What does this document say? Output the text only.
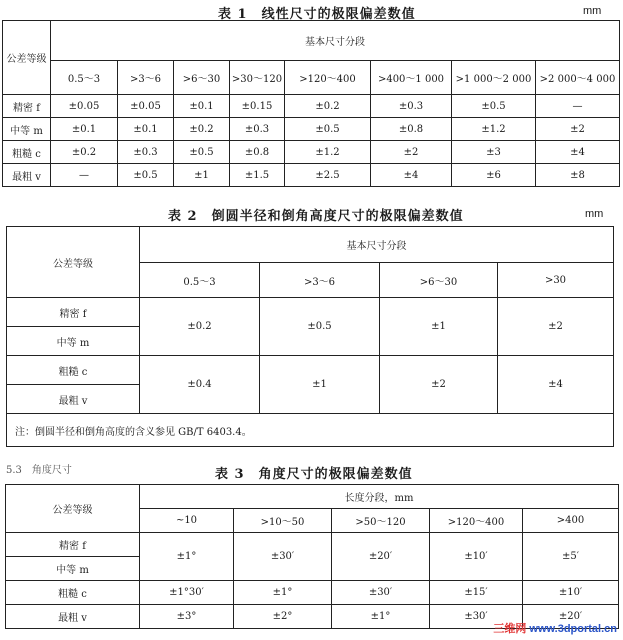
表 1　线性尺寸的极限偏差数值	mm
公差等级	基本尺寸分段							
	0.5～3	>3～6	>6～30	>30～120	>120～400	>400～1 000	>1 000～2 000	>2 000～4 000
精密 f	±0.05	±0.05	±0.1	±0.15	±0.2	±0.3	±0.5	—
中等 m	±0.1	±0.1	±0.2	±0.3	±0.5	±0.8	±1.2	±2
粗糙 c	±0.2	±0.3	±0.5	±0.8	±1.2	±2	±3	±4
最粗 v	—	±0.5	±1	±1.5	±2.5	±4	±6	±8
表 2　倒圆半径和倒角高度尺寸的极限偏差数值	mm
公差等级	基本尺寸分段			
	0.5～3	>3～6	>6～30	>30
精密 f	±0.2	±0.5	±1	±2
中等 m				
粗糙 c	±0.4	±1	±2	±4
最粗 v				
注：倒圆半径和倒角高度的含义参见 GB/T 6403.4。				
5.3　角度尺寸	表 3　角度尺寸的极限偏差数值
公差等级	长度分段，mm				
	~10	>10～50	>50～120	>120～400	>400
精密 f	±1°	±30′	±20′	±10′	±5′
中等 m					
粗糙 c	±1°30′	±1°	±30′	±15′	±10′
最粗 v	±3°	±2°	±1°	±30′	±20′
三维网 www.3dportal.cn
